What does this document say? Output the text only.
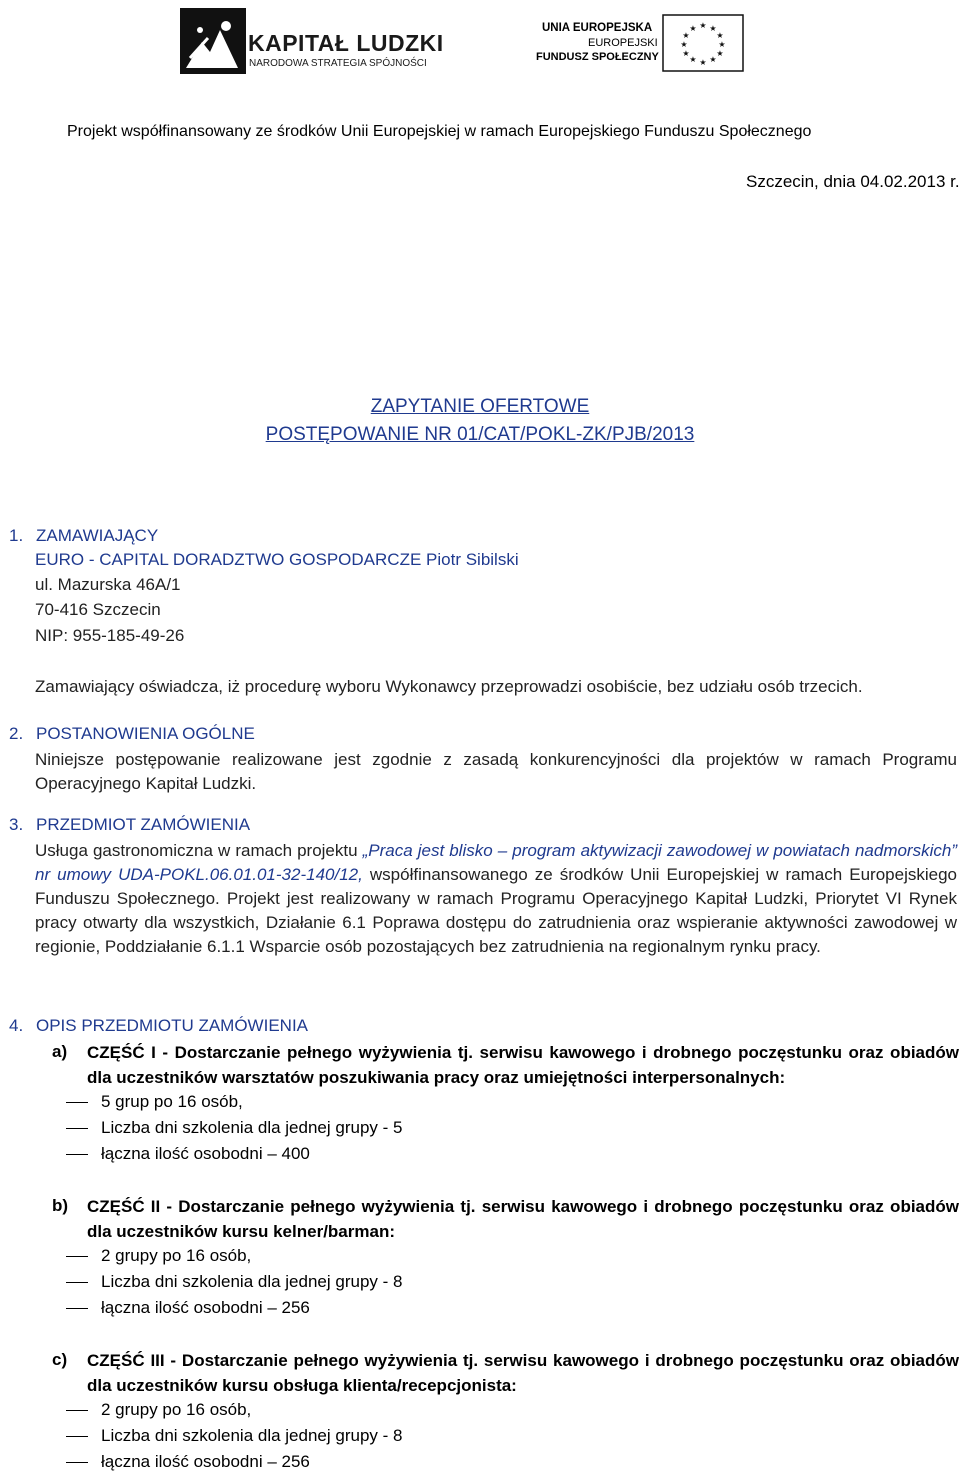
KAPITAŁ LUDZKI
NARODOWA STRATEGIA SPÓJNOŚCI
UNIA EUROPEJSKA
EUROPEJSKI
FUNDUSZ SPOŁECZNY
★ ★
★
★
★
★
★
★
★
★
★
★
Projekt współfinansowany ze środków Unii Europejskiej w ramach Europejskiego Funduszu Społecznego
Szczecin, dnia 04.02.2013 r.
ZAPYTANIE OFERTOWE
POSTĘPOWANIE NR 01/CAT/POKL-ZK/PJB/2013
1. ZAMAWIAJĄCY
EURO - CAPITAL DORADZTWO GOSPODARCZE Piotr Sibilski
ul. Mazurska 46A/1
70-416 Szczecin
NIP: 955-185-49-26
Zamawiający oświadcza, iż procedurę wyboru Wykonawcy przeprowadzi osobiście, bez udziału osób trzecich.
2. POSTANOWIENIA OGÓLNE
Niniejsze postępowanie realizowane jest zgodnie z zasadą konkurencyjności dla projektów w ramach Programu Operacyjnego Kapitał Ludzki.
3. PRZEDMIOT ZAMÓWIENIA
Usługa gastronomiczna w ramach projektu „Praca jest blisko – program aktywizacji zawodowej w powiatach nadmorskich” nr umowy UDA-POKL.06.01.01-32-140/12, współfinansowanego ze środków Unii Europejskiej w ramach Europejskiego Funduszu Społecznego. Projekt jest realizowany w ramach Programu Operacyjnego Kapitał Ludzki, Priorytet VI Rynek pracy otwarty dla wszystkich, Działanie 6.1 Poprawa dostępu do zatrudnienia oraz wspieranie aktywności zawodowej w regionie, Poddziałanie 6.1.1 Wsparcie osób pozostających bez zatrudnienia na regionalnym rynku pracy.
4. OPIS PRZEDMIOTU ZAMÓWIENIA
a) CZĘŚĆ I - Dostarczanie pełnego wyżywienia tj. serwisu kawowego i drobnego poczęstunku oraz obiadów dla uczestników warsztatów poszukiwania pracy oraz umiejętności interpersonalnych:
5 grup po 16 osób,
Liczba dni szkolenia dla jednej grupy - 5
łączna ilość osobodni – 400
b) CZĘŚĆ II - Dostarczanie pełnego wyżywienia tj. serwisu kawowego i drobnego poczęstunku oraz obiadów dla uczestników kursu kelner/barman:
2 grupy po 16 osób,
Liczba dni szkolenia dla jednej grupy - 8
łączna ilość osobodni – 256
c) CZĘŚĆ III - Dostarczanie pełnego wyżywienia tj. serwisu kawowego i drobnego poczęstunku oraz obiadów dla uczestników kursu obsługa klienta/recepcjonista:
2 grupy po 16 osób,
Liczba dni szkolenia dla jednej grupy - 8
łączna ilość osobodni – 256
